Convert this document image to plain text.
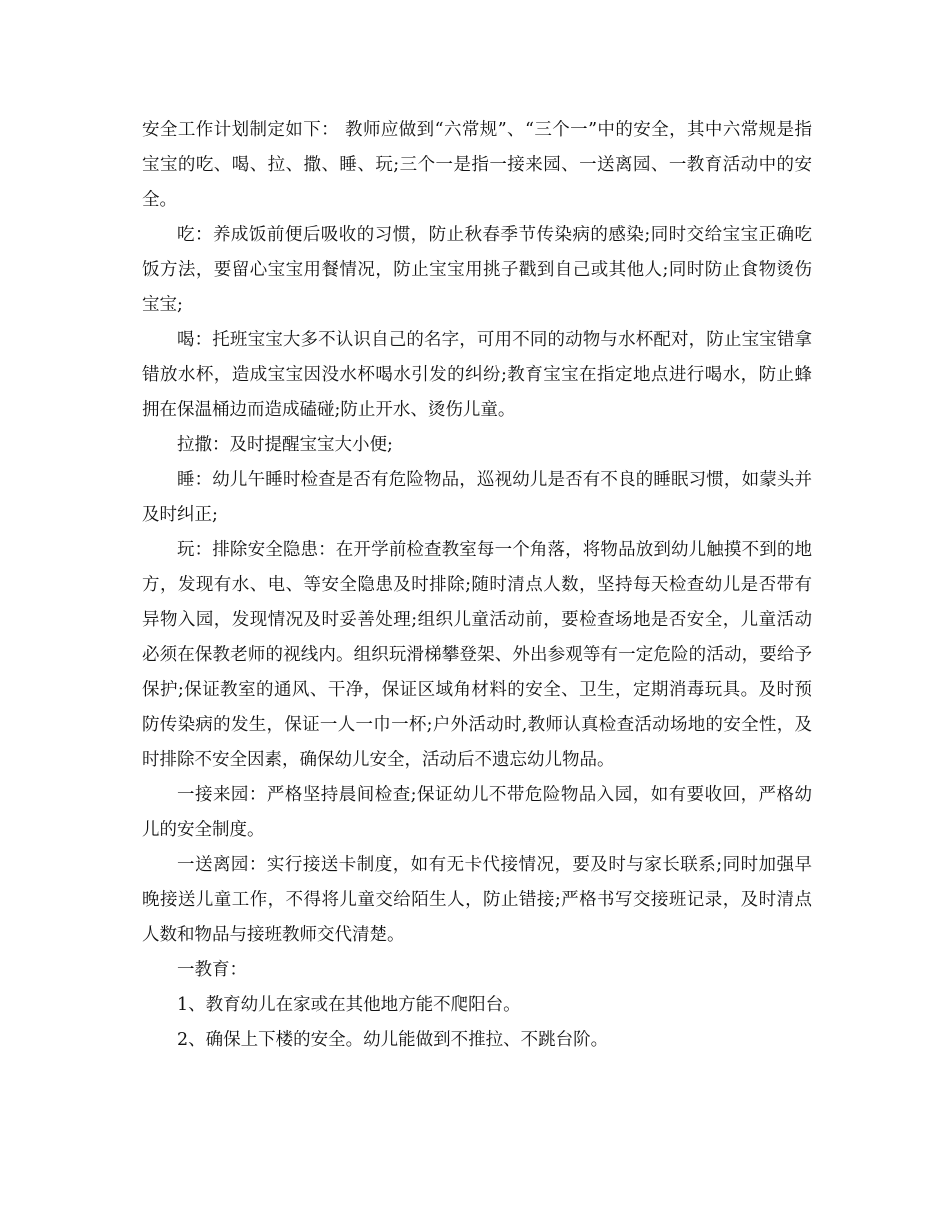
安全工作计划制定如下： 教师应做到“六常规”、“三个一”中的安全，其中六常规是指宝宝的吃、喝、拉、撒、睡、玩;三个一是指一接来园、一送离园、一教育活动中的安全。

吃：养成饭前便后吸收的习惯，防止秋春季节传染病的感染;同时交给宝宝正确吃饭方法，要留心宝宝用餐情况，防止宝宝用挑子戳到自己或其他人;同时防止食物烫伤宝宝;

喝：托班宝宝大多不认识自己的名字，可用不同的动物与水杯配对，防止宝宝错拿错放水杯，造成宝宝因没水杯喝水引发的纠纷;教育宝宝在指定地点进行喝水，防止蜂拥在保温桶边而造成磕碰;防止开水、烫伤儿童。

拉撒：及时提醒宝宝大小便;

睡：幼儿午睡时检查是否有危险物品，巡视幼儿是否有不良的睡眠习惯，如蒙头并及时纠正;

玩：排除安全隐患：在开学前检查教室每一个角落，将物品放到幼儿触摸不到的地方，发现有水、电、等安全隐患及时排除;随时清点人数，坚持每天检查幼儿是否带有异物入园，发现情况及时妥善处理;组织儿童活动前，要检查场地是否安全，儿童活动必须在保教老师的视线内。组织玩滑梯攀登架、外出参观等有一定危险的活动，要给予保护;保证教室的通风、干净，保证区域角材料的安全、卫生，定期消毒玩具。及时预防传染病的发生，保证一人一巾一杯;户外活动时,教师认真检查活动场地的安全性，及时排除不安全因素，确保幼儿安全，活动后不遗忘幼儿物品。

一接来园：严格坚持晨间检查;保证幼儿不带危险物品入园，如有要收回，严格幼儿的安全制度。

一送离园：实行接送卡制度，如有无卡代接情况，要及时与家长联系;同时加强早晚接送儿童工作，不得将儿童交给陌生人，防止错接;严格书写交接班记录，及时清点人数和物品与接班教师交代清楚。

一教育：

1、教育幼儿在家或在其他地方能不爬阳台。

2、确保上下楼的安全。幼儿能做到不推拉、不跳台阶。
